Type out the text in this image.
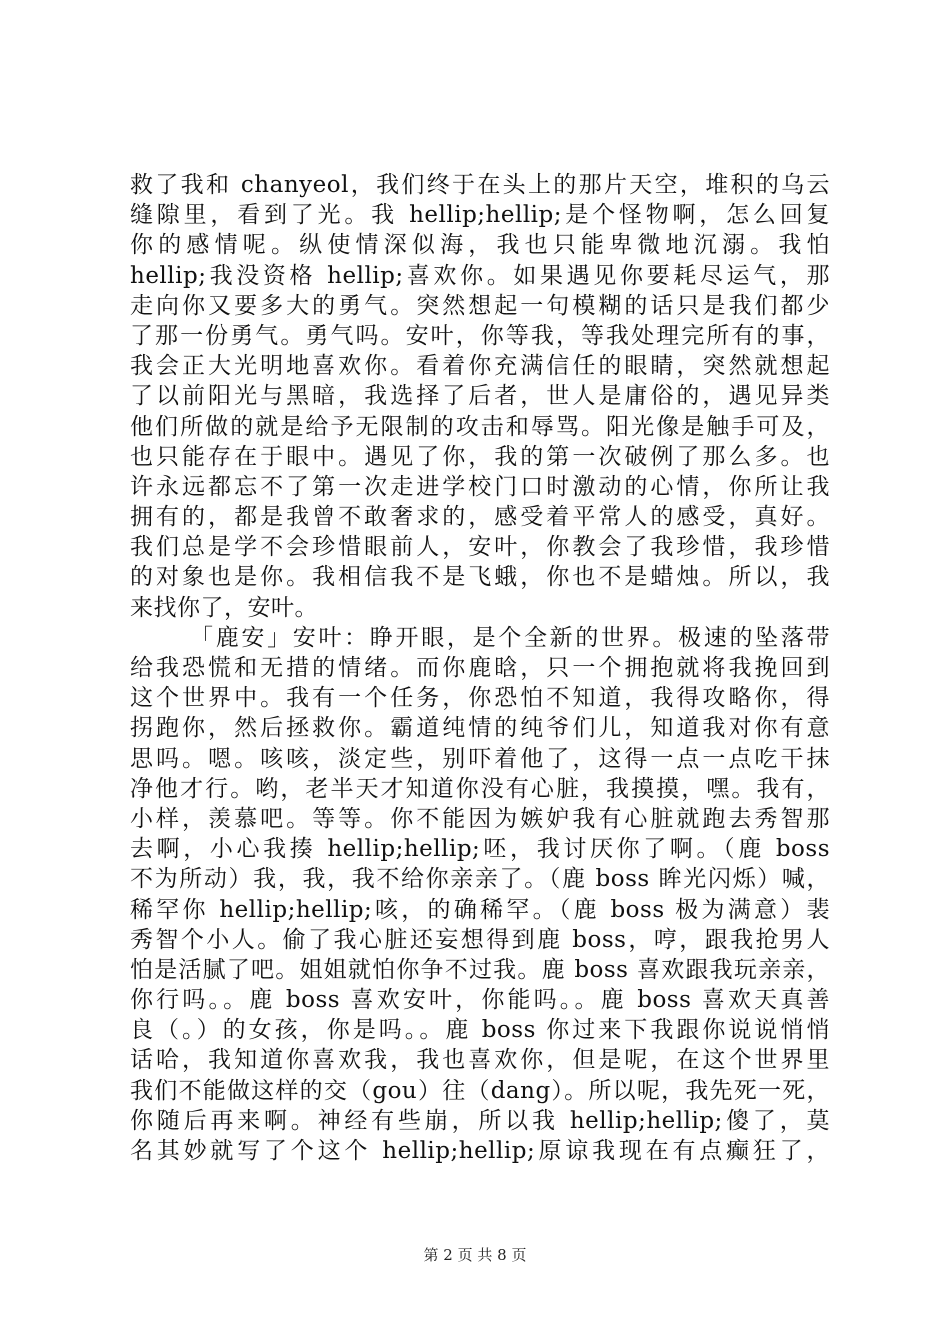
救了我和 chanyeol，我们终于在头上的那片天空，堆积的乌云
缝隙里，看到了光。我 hellip;hellip;是个怪物啊，怎么回复
你的感情呢。纵使情深似海，我也只能卑微地沉溺。我怕
hellip;我没资格 hellip;喜欢你。如果遇见你要耗尽运气，那
走向你又要多大的勇气。突然想起一句模糊的话只是我们都少
了那一份勇气。勇气吗。安叶，你等我，等我处理完所有的事，
我会正大光明地喜欢你。看着你充满信任的眼睛，突然就想起
了以前阳光与黑暗，我选择了后者，世人是庸俗的，遇见异类
他们所做的就是给予无限制的攻击和辱骂。阳光像是触手可及，
也只能存在于眼中。遇见了你，我的第一次破例了那么多。也
许永远都忘不了第一次走进学校门口时激动的心情，你所让我
拥有的，都是我曾不敢奢求的，感受着平常人的感受，真好。
我们总是学不会珍惜眼前人，安叶，你教会了我珍惜，我珍惜
的对象也是你。我相信我不是飞蛾，你也不是蜡烛。所以，我
来找你了，安叶。
「鹿安」安叶：睁开眼，是个全新的世界。极速的坠落带
给我恐慌和无措的情绪。而你鹿晗，只一个拥抱就将我挽回到
这个世界中。我有一个任务，你恐怕不知道，我得攻略你，得
拐跑你，然后拯救你。霸道纯情的纯爷们儿，知道我对你有意
思吗。嗯。咳咳，淡定些，别吓着他了，这得一点一点吃干抹
净他才行。哟，老半天才知道你没有心脏，我摸摸，嘿。我有，
小样，羡慕吧。等等。你不能因为嫉妒我有心脏就跑去秀智那
去啊，小心我揍 hellip;hellip;呸，我讨厌你了啊。（鹿 boss
不为所动）我，我，我不给你亲亲了。（鹿 boss 眸光闪烁）喊，
稀罕你 hellip;hellip;咳，的确稀罕。（鹿 boss 极为满意）裴
秀智个小人。偷了我心脏还妄想得到鹿 boss，哼，跟我抢男人
怕是活腻了吧。姐姐就怕你争不过我。鹿 boss 喜欢跟我玩亲亲，
你行吗。。鹿 boss 喜欢安叶，你能吗。。鹿 boss 喜欢天真善
良（。）的女孩，你是吗。。鹿 boss 你过来下我跟你说说悄悄
话哈，我知道你喜欢我，我也喜欢你，但是呢，在这个世界里
我们不能做这样的交（gou）往（dang）。所以呢，我先死一死，
你随后再来啊。神经有些崩，所以我 hellip;hellip;傻了，莫
名其妙就写了个这个 hellip;hellip;原谅我现在有点癫狂了，
第 2 页 共 8 页
